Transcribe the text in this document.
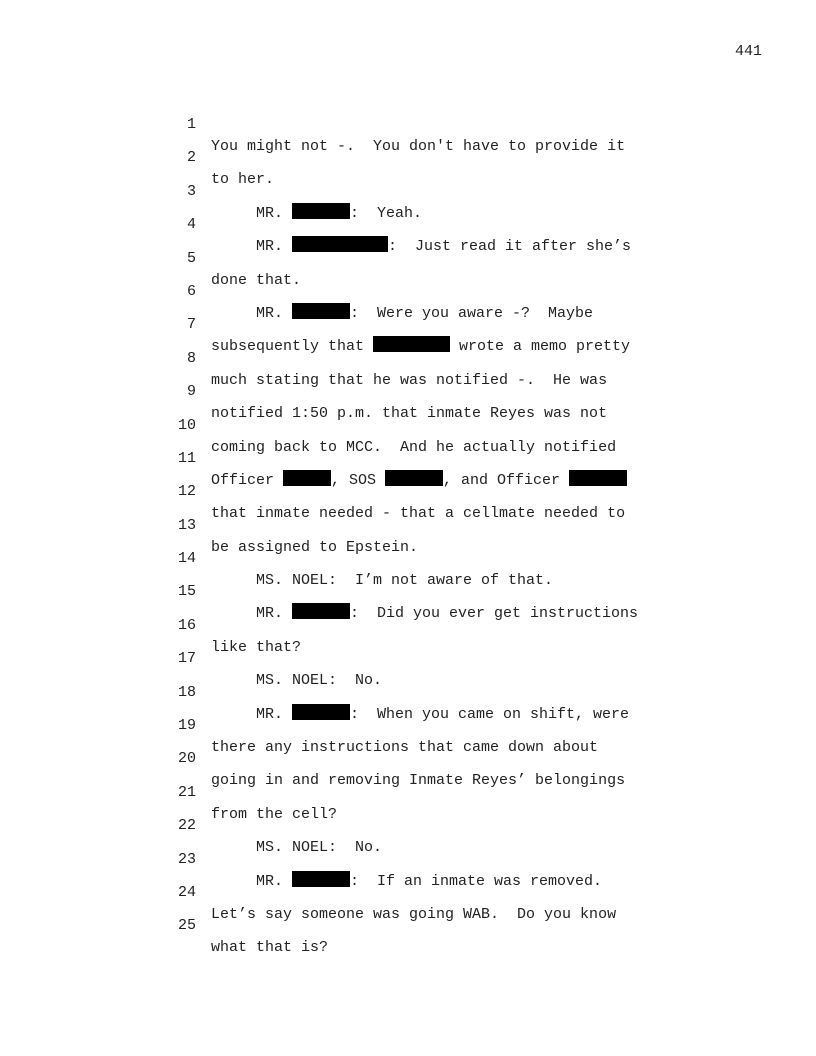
441

1

You might not -.  You don't have to provide it

2

to her.

3

MR.	:  Yeah.

4

MR.	:  Just read it after she’s

5

done that.

6

MR.	:  Were you aware -?  Maybe

7

subsequently that	wrote a memo pretty

8

much stating that he was notified -.  He was

9

notified 1:50 p.m. that inmate Reyes was not

10

coming back to MCC.  And he actually notified

11

Officer	, SOS	, and Officer

12

that inmate needed - that a cellmate needed to

13

be assigned to Epstein.

14

MS. NOEL:  I’m not aware of that.

15

MR.	:  Did you ever get instructions

16

like that?

17

MS. NOEL:  No.

18

MR.	:  When you came on shift, were

19

there any instructions that came down about

20

going in and removing Inmate Reyes’ belongings

21

from the cell?

22

MS. NOEL:  No.

23

MR.	:  If an inmate was removed.

24

Let’s say someone was going WAB.  Do you know

25

what that is?
